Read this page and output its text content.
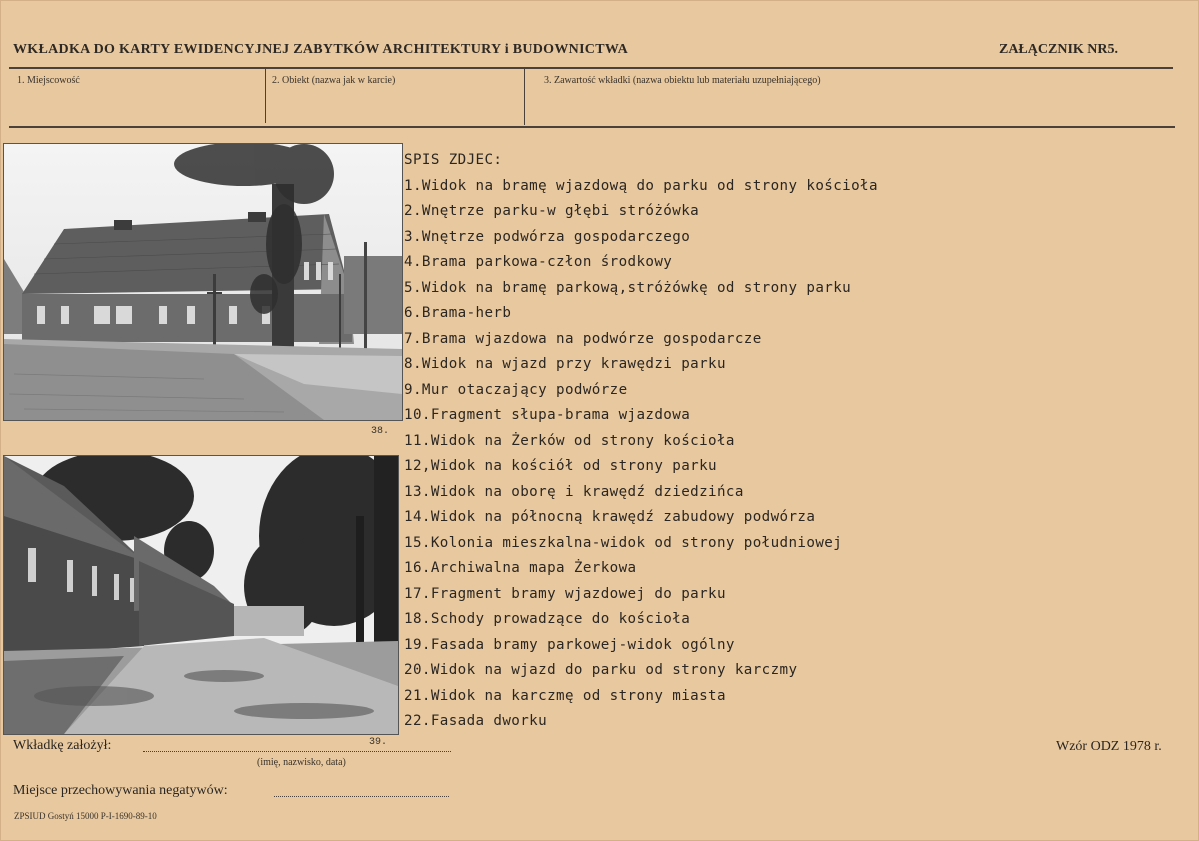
WKŁADKA DO KARTY EWIDENCYJNEJ ZABYTKÓW ARCHITEKTURY i BUDOWNICTWA	ZAŁĄCZNIK NR5.
1. Miejscowość	2. Obiekt (nazwa jak w karcie)	3. Zawartość wkładki (nazwa obiektu lub materiału uzupełniającego)
38.
SPIS ZDJEC:
1.Widok na bramę wjazdową do parku od strony kościoła
2.Wnętrze parku-w głębi stróżówka
3.Wnętrze podwórza gospodarczego
4.Brama parkowa-człon środkowy
5.Widok na bramę parkową,stróżówkę od strony parku
6.Brama-herb
7.Brama wjazdowa na podwórze gospodarcze
8.Widok na wjazd przy krawędzi parku
9.Mur otaczający podwórze
10.Fragment słupa-brama wjazdowa
11.Widok na Żerków od strony kościoła
12,Widok na kościół od strony parku
13.Widok na oborę i krawędź dziedzińca
14.Widok na północną krawędź zabudowy podwórza
15.Kolonia mieszkalna-widok od strony południowej
16.Archiwalna mapa Żerkowa
17.Fragment bramy wjazdowej do parku
18.Schody prowadzące do kościoła
19.Fasada bramy parkowej-widok ogólny
20.Widok na wjazd do parku od strony karczmy
21.Widok na karczmę od strony miasta
22.Fasada dworku
Wkładkę założył:	39.
(imię, nazwisko, data)
Wzór ODZ 1978 r.
Miejsce przechowywania negatywów:
ZPSIUD Gostyń 15000 P-I-1690-89-10
